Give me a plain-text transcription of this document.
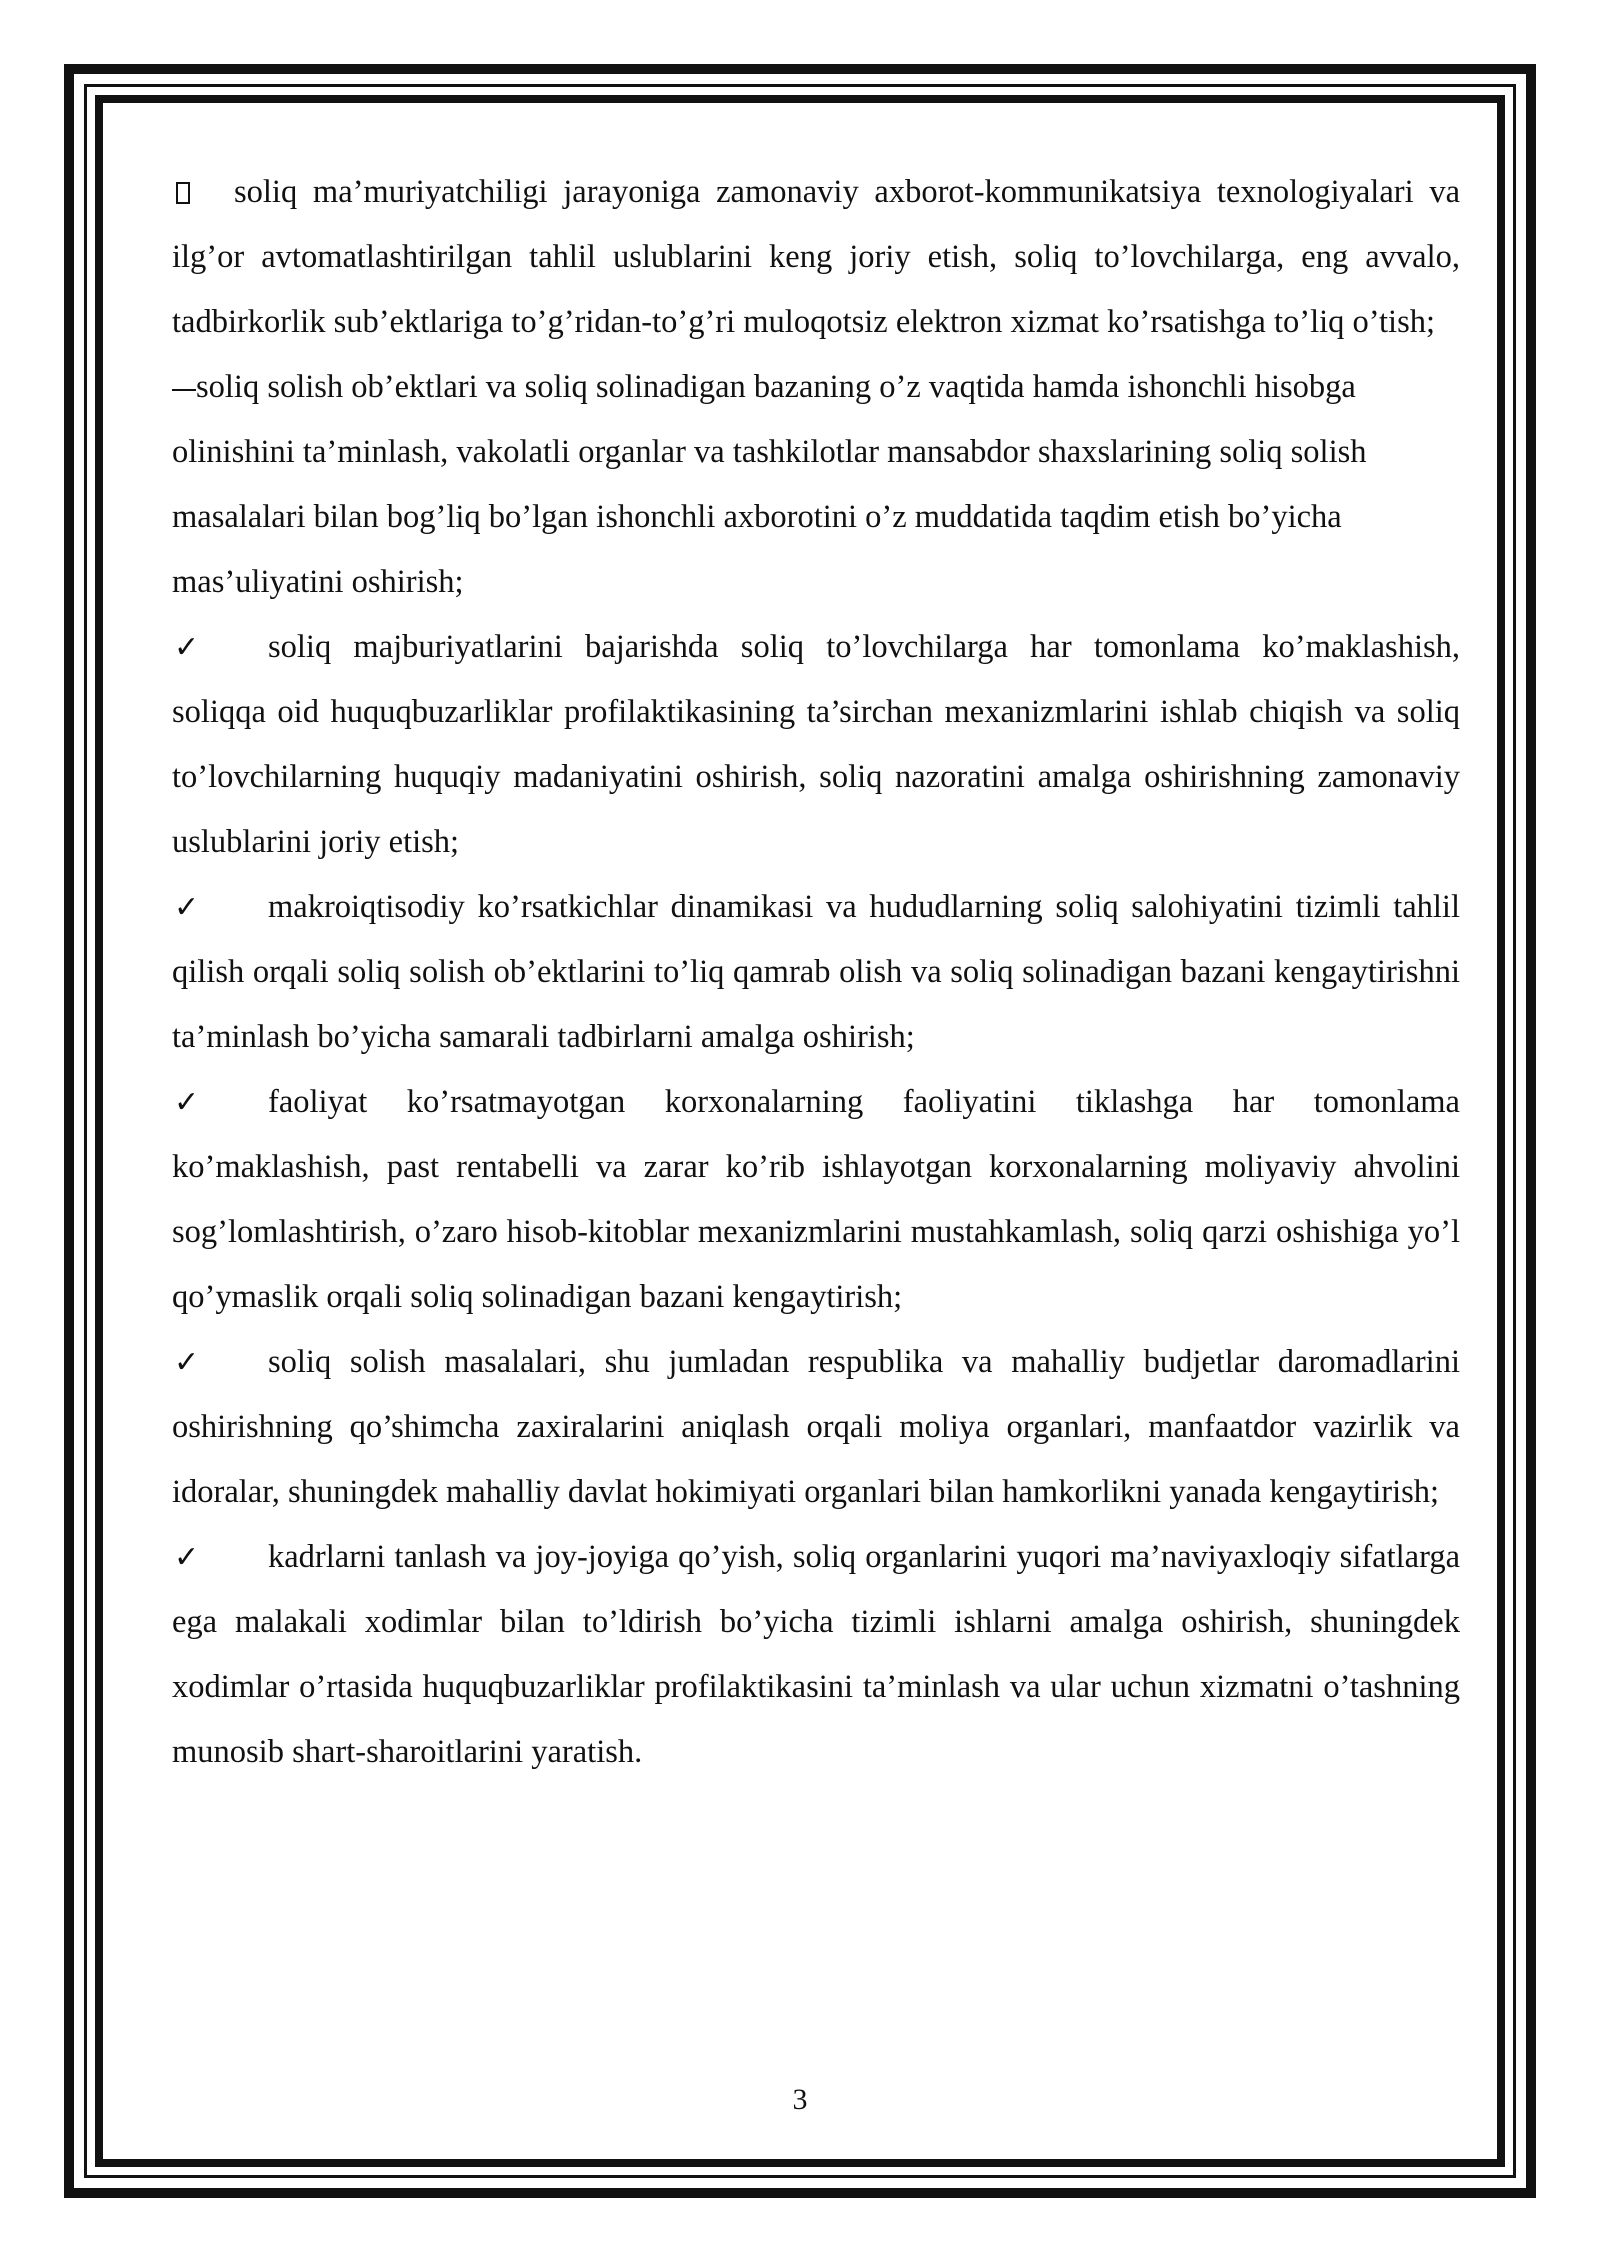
soliq ma’muriyatchiligi jarayoniga zamonaviy axborot-kommunikatsiya texnologiyalari va ilg’or avtomatlashtirilgan tahlil uslublarini keng joriy etish, soliq to’lovchilarga, eng avvalo, tadbirkorlik sub’ektlariga to’g’ridan-to’g’ri muloqotsiz elektron xizmat ko’rsatishga to’liq o’tish;

soliq solish ob’ektlari va soliq solinadigan bazaning o’z vaqtida hamda ishonchli hisobga olinishini ta’minlash, vakolatli organlar va tashkilotlar mansabdor shaxslarining soliq solish masalalari bilan bog’liq bo’lgan ishonchli axborotini o’z muddatida taqdim etish bo’yicha mas’uliyatini oshirish;

✓ soliq majburiyatlarini bajarishda soliq to’lovchilarga har tomonlama ko’maklashish, soliqqa oid huquqbuzarliklar profilaktikasining ta’sirchan mexanizmlarini ishlab chiqish va soliq to’lovchilarning huquqiy madaniyatini oshirish, soliq nazoratini amalga oshirishning zamonaviy uslublarini joriy etish;

✓ makroiqtisodiy ko’rsatkichlar dinamikasi va hududlarning soliq salohiyatini tizimli tahlil qilish orqali soliq solish ob’ektlarini to’liq qamrab olish va soliq solinadigan bazani kengaytirishni ta’minlash bo’yicha samarali tadbirlarni amalga oshirish;

✓ faoliyat ko’rsatmayotgan korxonalarning faoliyatini tiklashga har tomonlama ko’maklashish, past rentabelli va zarar ko’rib ishlayotgan korxonalarning moliyaviy ahvolini sog’lomlashtirish, o’zaro hisob-kitoblar mexanizmlarini mustahkamlash, soliq qarzi oshishiga yo’l qo’ymaslik orqali soliq solinadigan bazani kengaytirish;

✓ soliq solish masalalari, shu jumladan respublika va mahalliy budjetlar daromadlarini oshirishning qo’shimcha zaxiralarini aniqlash orqali moliya organlari, manfaatdor vazirlik va idoralar, shuningdek mahalliy davlat hokimiyati organlari bilan hamkorlikni yanada kengaytirish;

✓ kadrlarni tanlash va joy-joyiga qo’yish, soliq organlarini yuqori ma’naviyaxloqiy sifatlarga ega malakali xodimlar bilan to’ldirish bo’yicha tizimli ishlarni amalga oshirish, shuningdek xodimlar o’rtasida huquqbuzarliklar profilaktikasini ta’minlash va ular uchun xizmatni o’tashning munosib shart-sharoitlarini yaratish.

3
